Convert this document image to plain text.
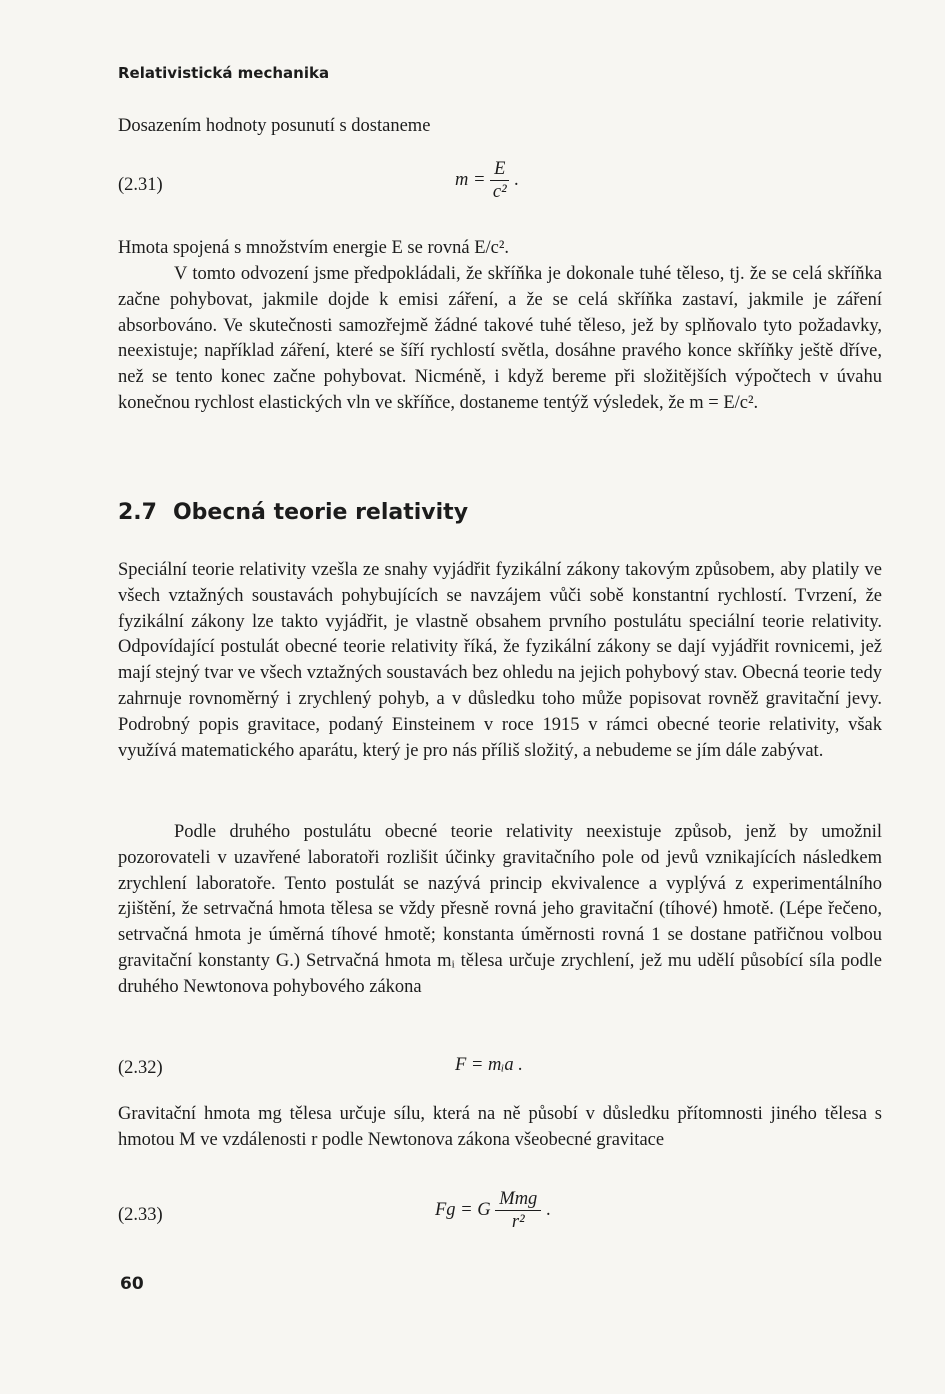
Relativistická mechanika

Dosazením hodnoty posunutí s dostaneme

(2.31)	$m = \frac{E}{\text{c²}}$ .

Hmota spojená s množstvím energie E se rovná E/c².

V tomto odvození jsme předpokládali, že skříňka je dokonale tuhé těleso, tj. že se celá skříňka začne pohybovat, jakmile dojde k emisi záření, a že se celá skříňka zastaví, jakmile je záření absorbováno. Ve skutečnosti samozřejmě žádné takové tuhé těleso, jež by splňovalo tyto požadavky, neexistuje; například záření, které se šíří rychlostí světla, dosáhne pravého konce skříňky ještě dříve, než se tento konec začne pohybovat. Nicméně, i když bereme při složitějších výpočtech v úvahu konečnou rychlost elastických vln ve skříňce, dostaneme tentýž výsledek, že m = E/c².

2.7 Obecná teorie relativity

Speciální teorie relativity vzešla ze snahy vyjádřit fyzikální zákony takovým způsobem, aby platily ve všech vztažných soustavách pohybujících se navzájem vůči sobě konstantní rychlostí. Tvrzení, že fyzikální zákony lze takto vyjádřit, je vlastně obsahem prvního postulátu speciální teorie relativity. Odpovídající postulát obecné teorie relativity říká, že fyzikální zákony se dají vyjádřit rovnicemi, jež mají stejný tvar ve všech vztažných soustavách bez ohledu na jejich pohybový stav. Obecná teorie tedy zahrnuje rovnoměrný i zrychlený pohyb, a v důsledku toho může popisovat rovněž gravitační jevy. Podrobný popis gravitace, podaný Einsteinem v roce 1915 v rámci obecné teorie relativity, však využívá matematického aparátu, který je pro nás příliš složitý, a nebudeme se jím dále zabývat.

Podle druhého postulátu obecné teorie relativity neexistuje způsob, jenž by umožnil pozorovateli v uzavřené laboratoři rozlišit účinky gravitačního pole od jevů vznikajících následkem zrychlení laboratoře. Tento postulát se nazývá princip ekvivalence a vyplývá z experimentálního zjištění, že setrvačná hmota tělesa se vždy přesně rovná jeho gravitační (tíhové) hmotě. (Lépe řečeno, setrvačná hmota je úměrná tíhové hmotě; konstanta úměrnosti rovná 1 se dostane patřičnou volbou gravitační konstanty G.) Setrvačná hmota mᵢ tělesa určuje zrychlení, jež mu udělí působící síla podle druhého Newtonova pohybového zákona

(2.32)	F = mᵢa .

Gravitační hmota mg tělesa určuje sílu, která na ně působí v důsledku přítomnosti jiného tělesa s hmotou M ve vzdálenosti r podle Newtonova zákona všeobecné gravitace

(2.33)	Fg = G $\frac{\text{Mmg}}{\text{r²}}$ .
60
